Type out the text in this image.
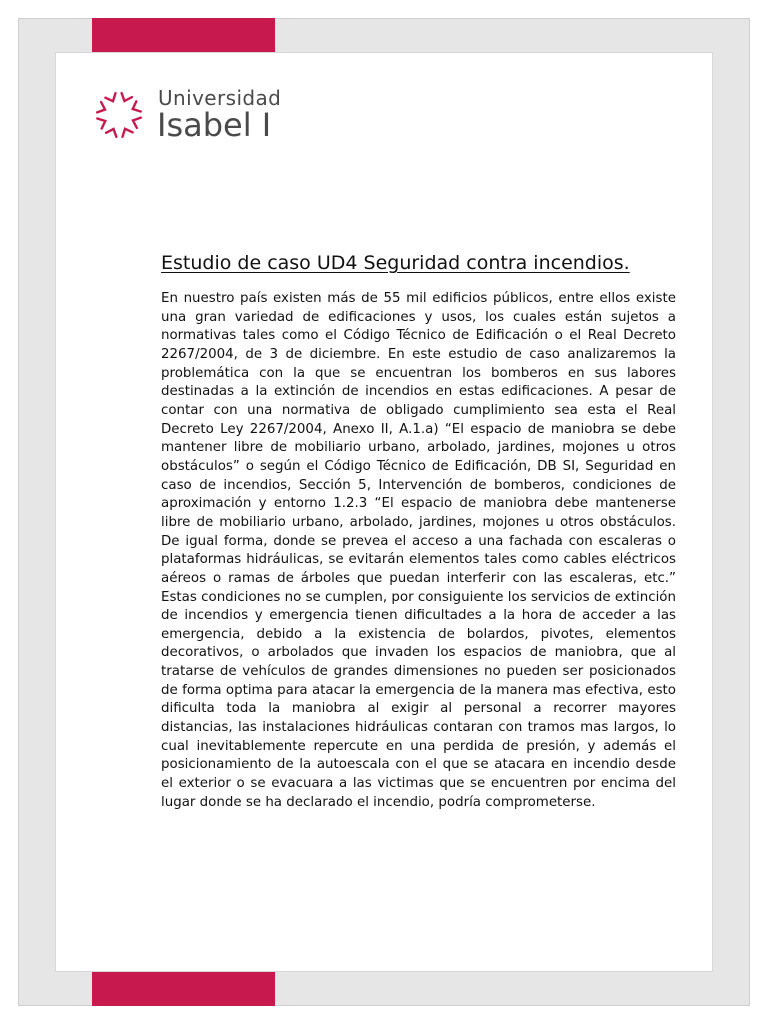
Universidad
Isabel I
Estudio de caso UD4 Seguridad contra incendios.

En nuestro país existen más de 55 mil edificios públicos, entre ellos existe una gran variedad de edificaciones y usos, los cuales están sujetos a normativas tales como el Código Técnico de Edificación o el Real Decreto 2267/2004, de 3 de diciembre. En este estudio de caso analizaremos la problemática con la que se encuentran los bomberos en sus labores destinadas a la extinción de incendios en estas edificaciones. A pesar de contar con una normativa de obligado cumplimiento sea esta el Real Decreto Ley 2267/2004, Anexo II, A.1.a) “El espacio de maniobra se debe mantener libre de mobiliario urbano, arbolado, jardines, mojones u otros obstáculos” o según el Código Técnico de Edificación, DB SI, Seguridad en caso de incendios, Sección 5, Intervención de bomberos, condiciones de aproximación y entorno 1.2.3 “El espacio de maniobra debe mantenerse libre de mobiliario urbano, arbolado, jardines, mojones u otros obstáculos. De igual forma, donde se prevea el acceso a una fachada con escaleras o plataformas hidráulicas, se evitarán elementos tales como cables eléctricos aéreos o ramas de árboles que puedan interferir con las escaleras, etc.” Estas condiciones no se cumplen, por consiguiente los servicios de extinción de incendios y emergencia tienen dificultades a la hora de acceder a las emergencia, debido a la existencia de bolardos, pivotes, elementos decorativos, o arbolados que invaden los espacios de maniobra, que al tratarse de vehículos de grandes dimensiones no pueden ser posicionados de forma optima para atacar la emergencia de la manera mas efectiva, esto dificulta toda la maniobra al exigir al personal a recorrer mayores distancias, las instalaciones hidráulicas contaran con tramos mas largos, lo cual inevitablemente repercute en una perdida de presión, y además el posicionamiento de la autoescala con el que se atacara en incendio desde el exterior o se evacuara a las victimas que se encuentren por encima del lugar donde se ha declarado el incendio, podría comprometerse.
